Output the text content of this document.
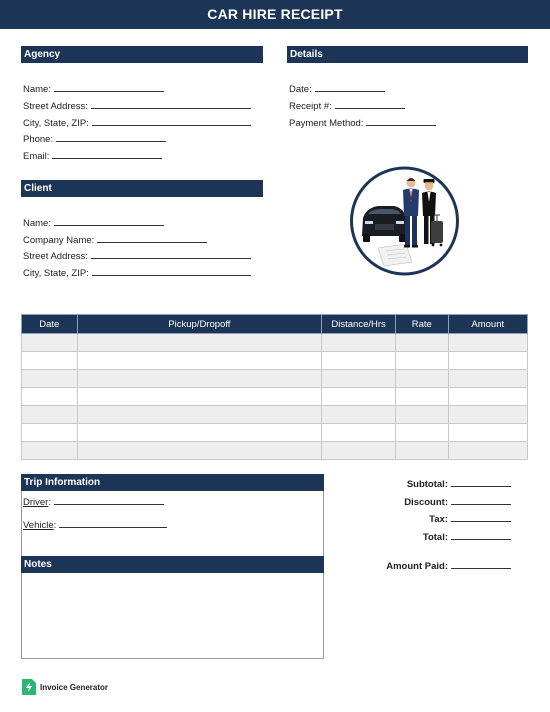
CAR HIRE RECEIPT
Agency
Name:
Street Address:
City, State, ZIP:
Phone:
Email:
Details
Date:
Receipt #:
Payment Method:
Client
Name:
Company Name:
Street Address:
City, State, ZIP:
Date	Pickup/Dropoff	Distance/Hrs	Rate	Amount

Trip Information
Driver:
Vehicle:
Notes
Subtotal:
Discount:
Tax:
Total:
Amount Paid:
Invoice Generator
